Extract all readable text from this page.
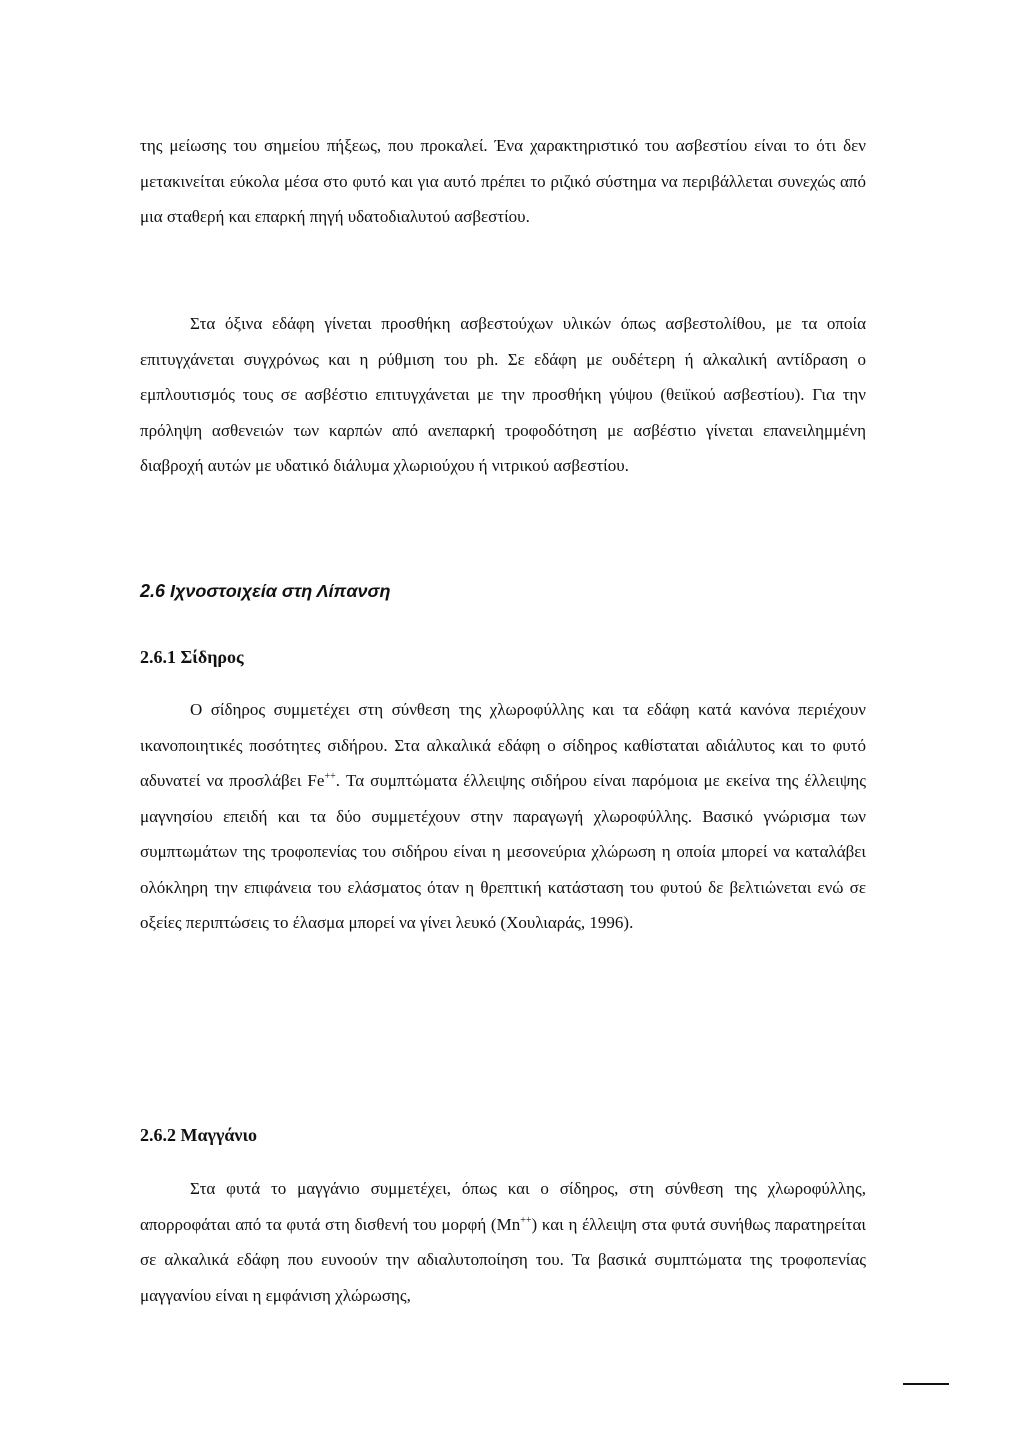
της μείωσης του σημείου πήξεως, που προκαλεί. Ένα χαρακτηριστικό του ασβεστίου είναι το ότι δεν μετακινείται εύκολα μέσα στο φυτό και για αυτό πρέπει το ριζικό σύστημα να περιβάλλεται συνεχώς από μια σταθερή και επαρκή πηγή υδατοδιαλυτού ασβεστίου.

Στα όξινα εδάφη γίνεται προσθήκη ασβεστούχων υλικών όπως ασβεστολίθου, με τα οποία επιτυγχάνεται συγχρόνως και η ρύθμιση του ph. Σε εδάφη με ουδέτερη ή αλκαλική αντίδραση ο εμπλουτισμός τους σε ασβέστιο επιτυγχάνεται με την προσθήκη γύψου (θειϊκού ασβεστίου). Για την πρόληψη ασθενειών των καρπών από ανεπαρκή τροφοδότηση με ασβέστιο γίνεται επανειλημμένη διαβροχή αυτών με υδατικό διάλυμα χλωριούχου ή νιτρικού ασβεστίου.

2.6 Ιχνοστοιχεία στη Λίπανση
2.6.1 Σίδηρος

Ο σίδηρος συμμετέχει στη σύνθεση της χλωροφύλλης και τα εδάφη κατά κανόνα περιέχουν ικανοποιητικές ποσότητες σιδήρου. Στα αλκαλικά εδάφη ο σίδηρος καθίσταται αδιάλυτος και το φυτό αδυνατεί να προσλάβει Fe++. Τα συμπτώματα έλλειψης σιδήρου είναι παρόμοια με εκείνα της έλλειψης μαγνησίου επειδή και τα δύο συμμετέχουν στην παραγωγή χλωροφύλλης. Βασικό γνώρισμα των συμπτωμάτων της τροφοπενίας του σιδήρου είναι η μεσονεύρια χλώρωση η οποία μπορεί να καταλάβει ολόκληρη την επιφάνεια του ελάσματος όταν η θρεπτική κατάσταση του φυτού δε βελτιώνεται ενώ σε οξείες περιπτώσεις το έλασμα μπορεί να γίνει λευκό (Χουλιαράς, 1996).

2.6.2 Μαγγάνιο

Στα φυτά το μαγγάνιο συμμετέχει, όπως και ο σίδηρος, στη σύνθεση της χλωροφύλλης, απορροφάται από τα φυτά στη δισθενή του μορφή (Mn++) και η έλλειψη στα φυτά συνήθως παρατηρείται σε αλκαλικά εδάφη που ευνοούν την αδιαλυτοποίηση του. Τα βασικά συμπτώματα της τροφοπενίας μαγγανίου είναι η εμφάνιση χλώρωσης,
